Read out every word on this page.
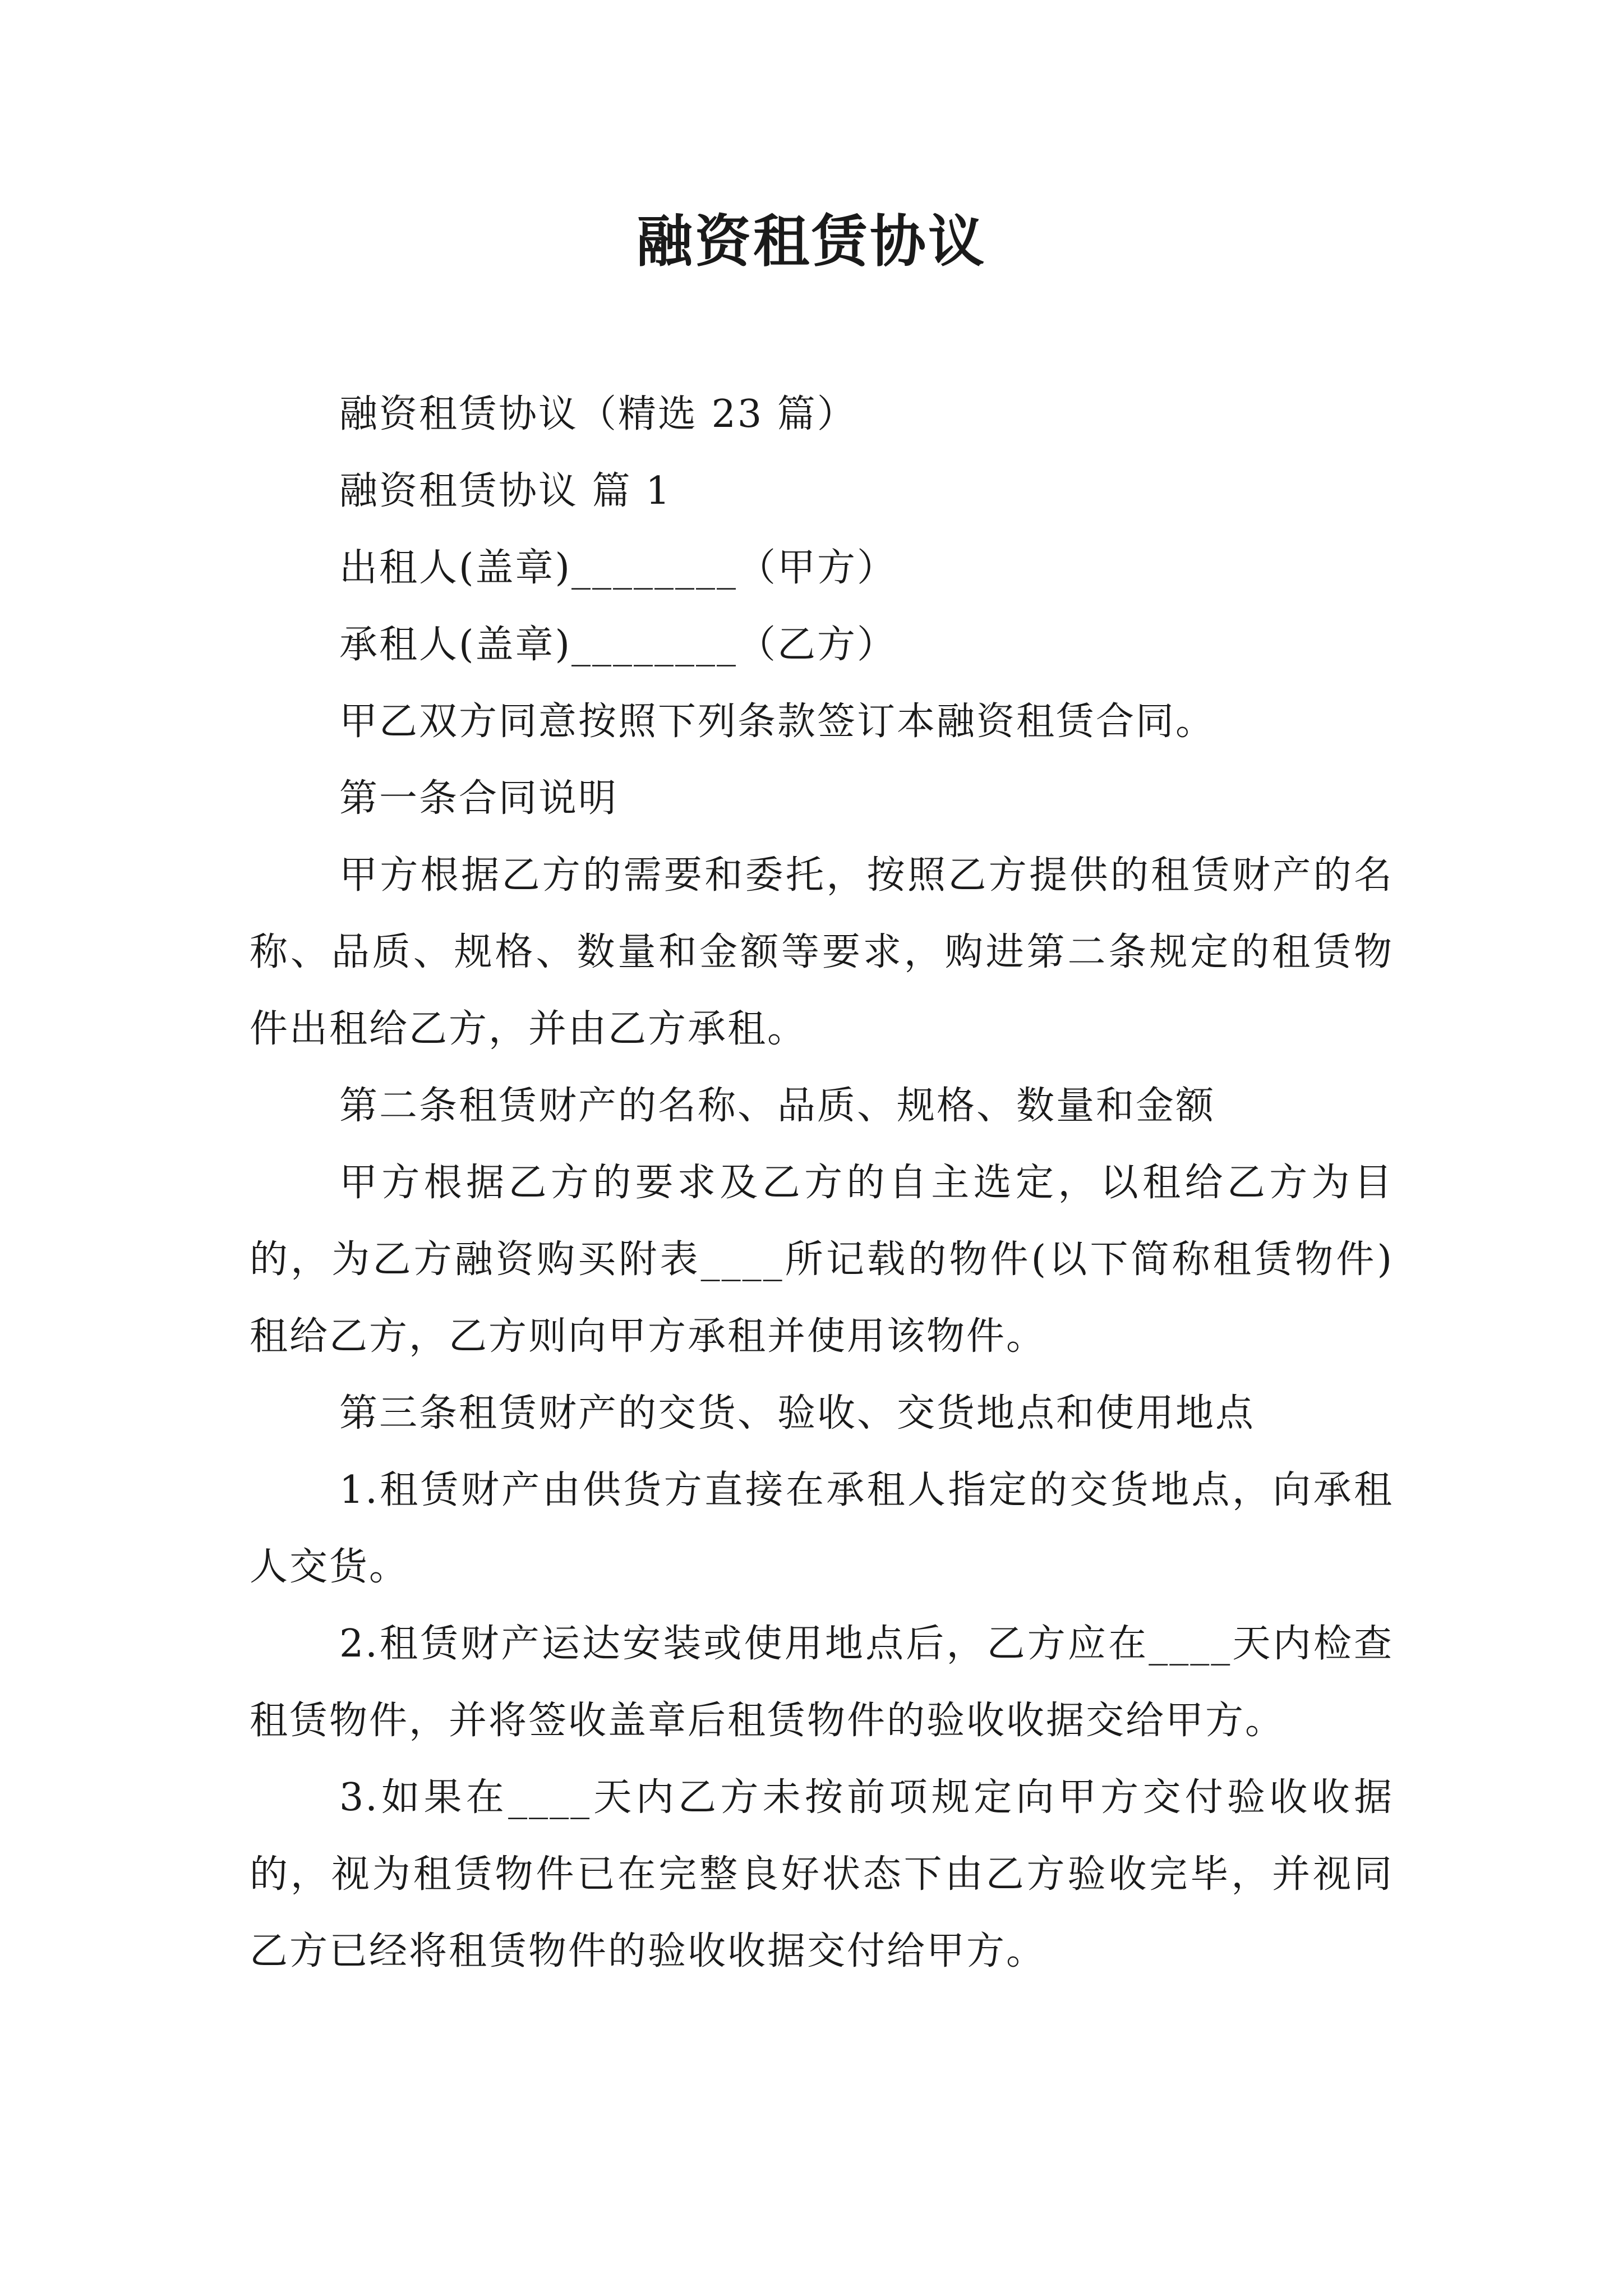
融资租赁协议

融资租赁协议（精选 23 篇）

融资租赁协议 篇 1

出租人(盖章)________（甲方）

承租人(盖章)________（乙方）

甲乙双方同意按照下列条款签订本融资租赁合同。

第一条合同说明

甲方根据乙方的需要和委托，按照乙方提供的租赁财产的名称、品质、规格、数量和金额等要求，购进第二条规定的租赁物件出租给乙方，并由乙方承租。

第二条租赁财产的名称、品质、规格、数量和金额

甲方根据乙方的要求及乙方的自主选定，以租给乙方为目的，为乙方融资购买附表____所记载的物件(以下简称租赁物件)租给乙方，乙方则向甲方承租并使用该物件。

第三条租赁财产的交货、验收、交货地点和使用地点

1.租赁财产由供货方直接在承租人指定的交货地点，向承租人交货。

2.租赁财产运达安装或使用地点后，乙方应在____天内检查租赁物件，并将签收盖章后租赁物件的验收收据交给甲方。

3.如果在____天内乙方未按前项规定向甲方交付验收收据的，视为租赁物件已在完整良好状态下由乙方验收完毕，并视同乙方已经将租赁物件的验收收据交付给甲方。
